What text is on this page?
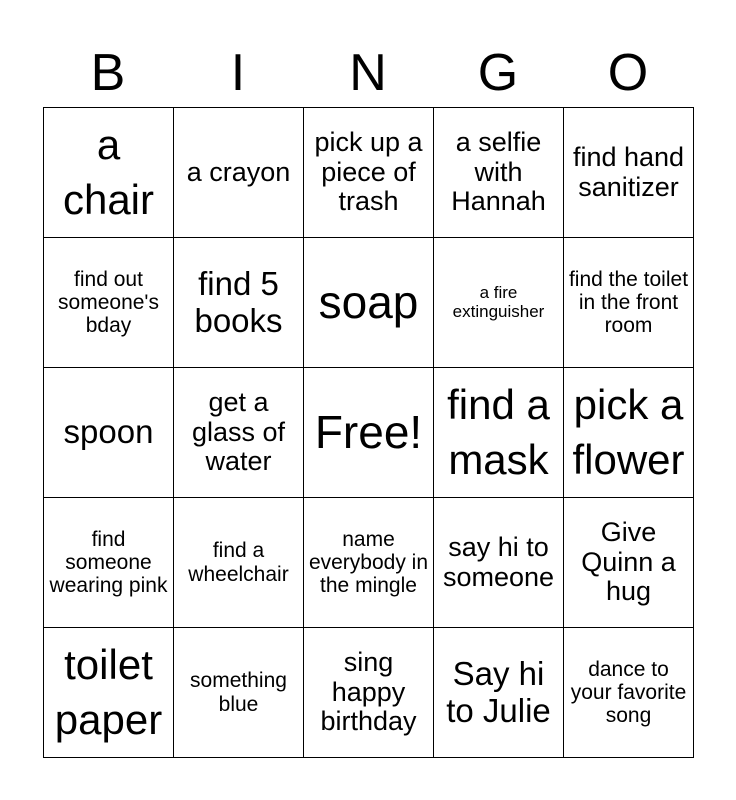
B	I	N	G	O
a chair	a crayon	pick up a piece of trash	a selfie with Hannah	find hand sanitizer
find out someone's bday	find 5 books	soap	a fire extinguisher	find the toilet in the front room
spoon	get a glass of water	Free!	find a mask	pick a flower
find someone wearing pink	find a wheelchair	name everybody in the mingle	say hi to someone	Give Quinn a hug
toilet paper	something blue	sing happy birthday	Say hi to Julie	dance to your favorite song
